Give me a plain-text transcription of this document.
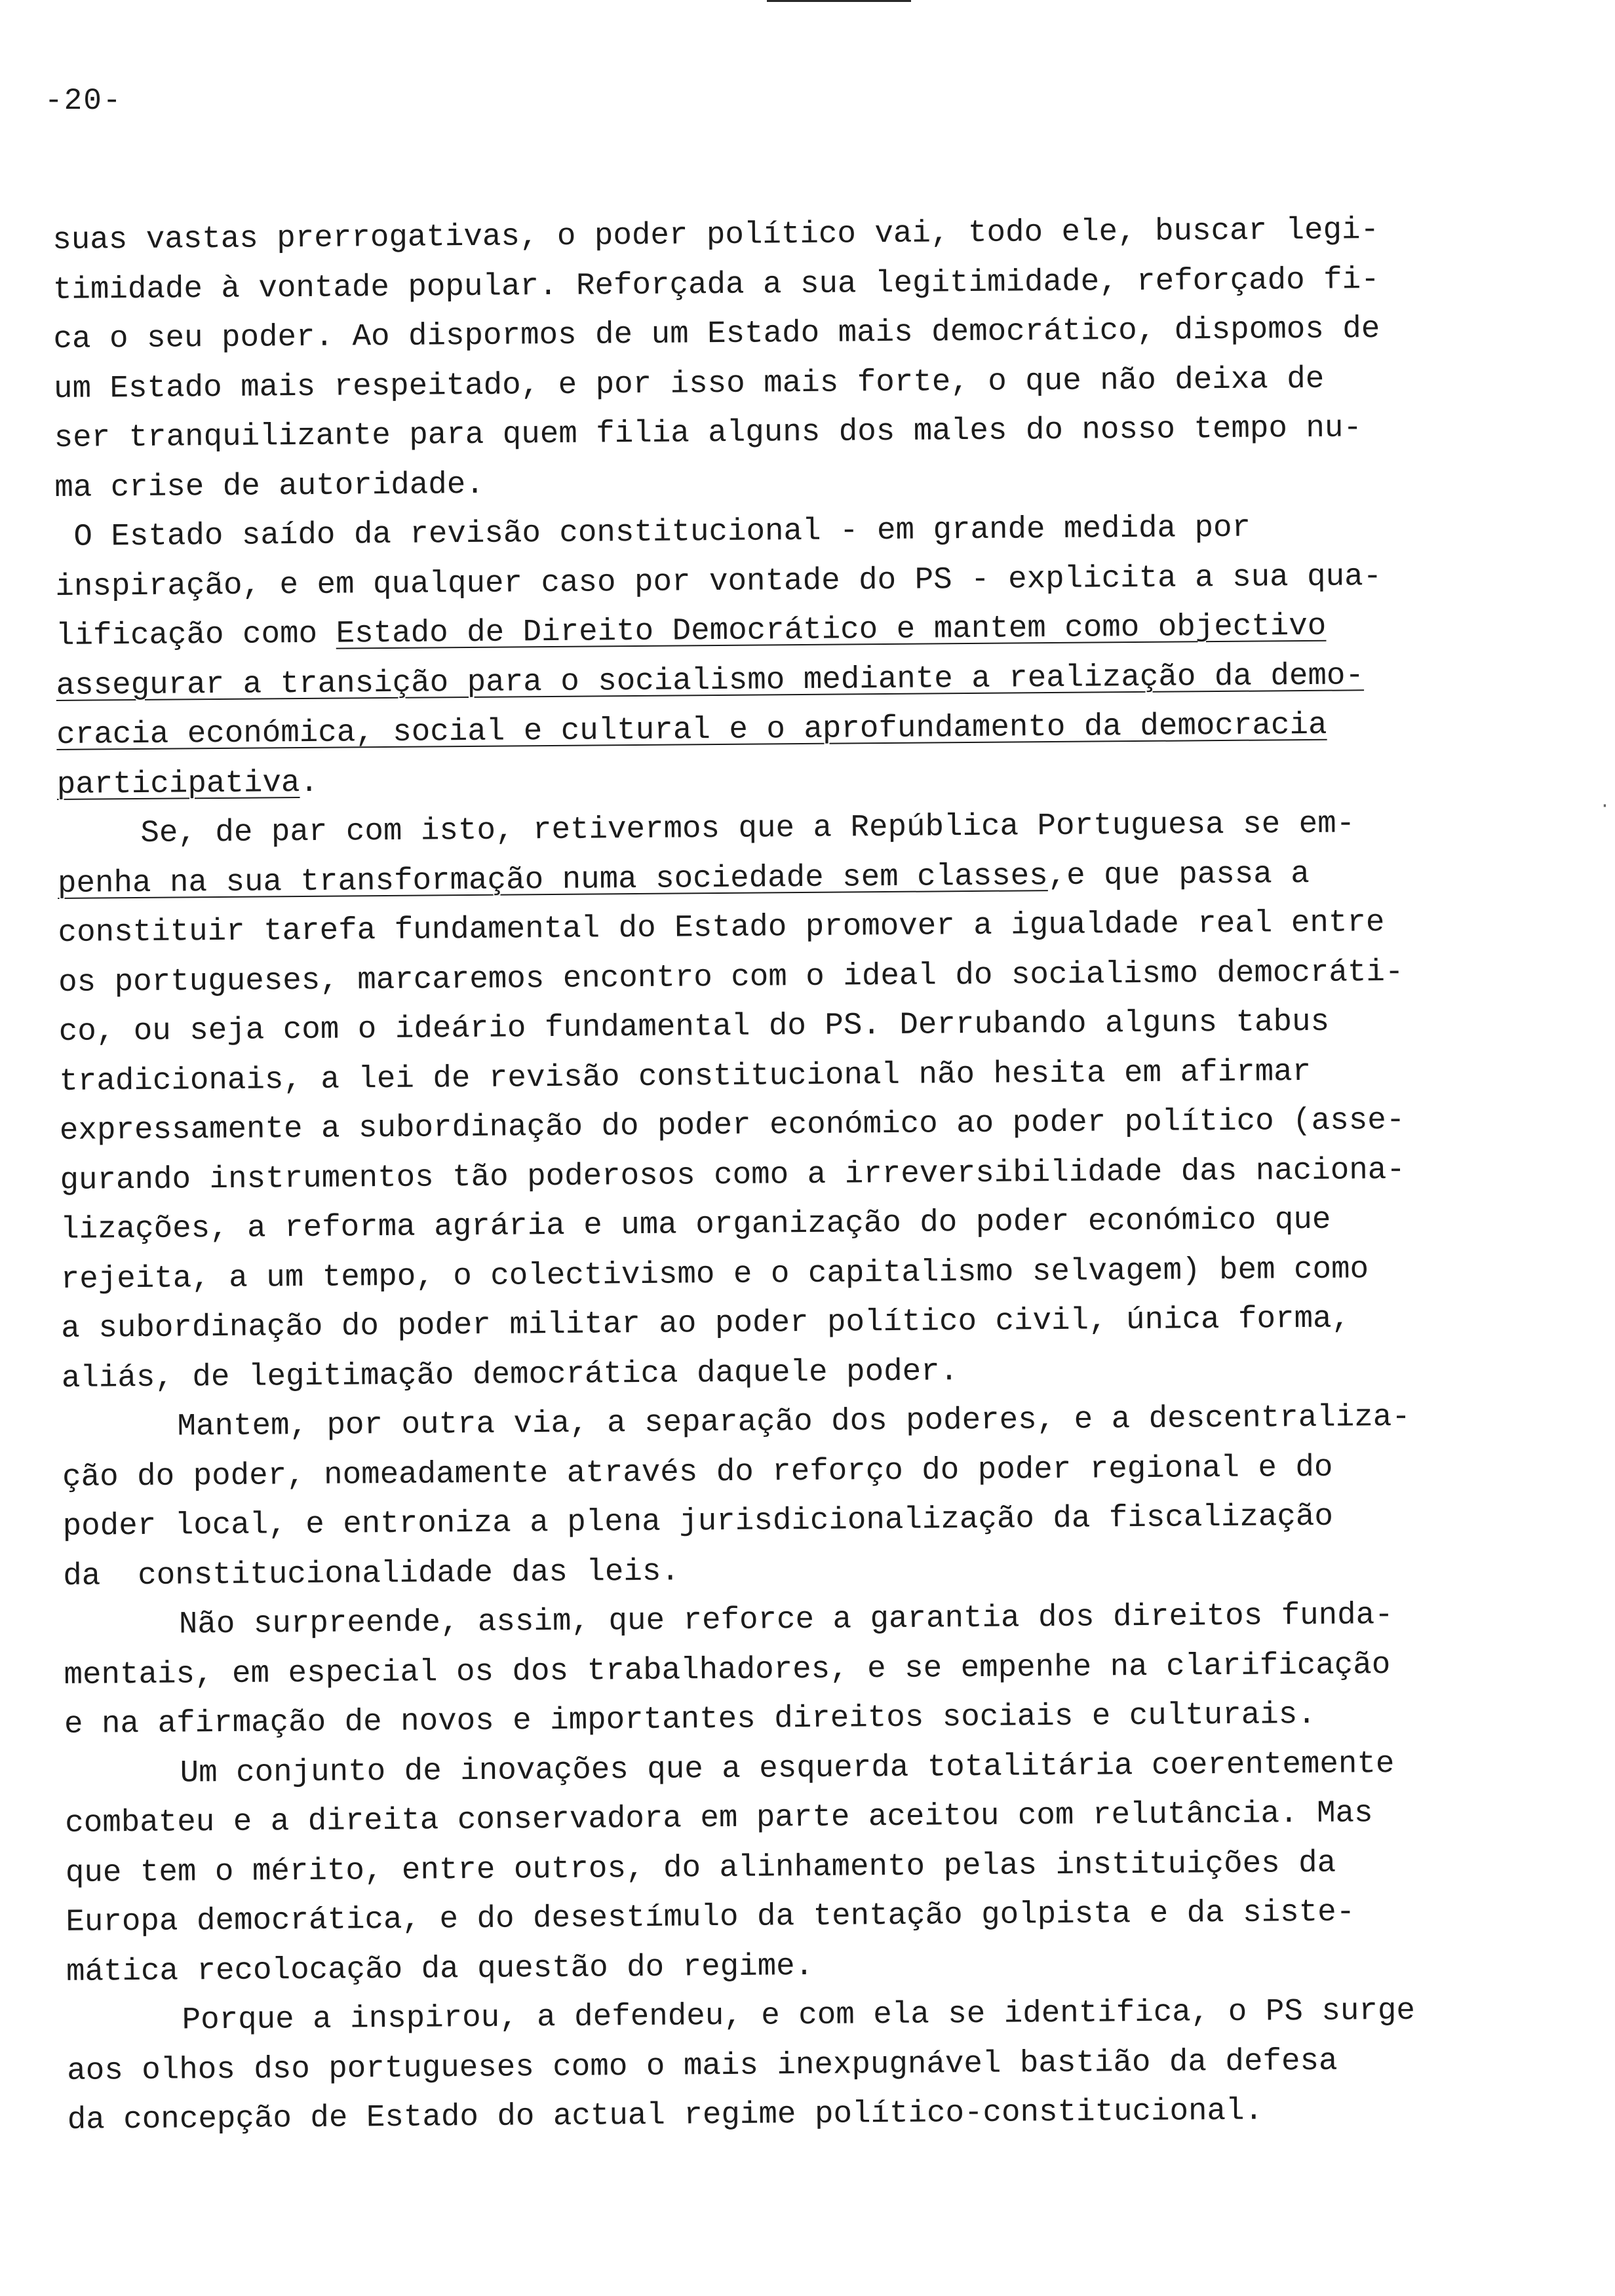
-20-

suas vastas prerrogativas, o poder político vai, todo ele, buscar legi-
timidade à vontade popular. Reforçada a sua legitimidade, reforçado fi-
ca o seu poder. Ao dispormos de um Estado mais democrático, dispomos de
um Estado mais respeitado, e por isso mais forte, o que não deixa de
ser tranquilizante para quem filia alguns dos males do nosso tempo nu-
ma crise de autoridade.
O Estado saído da revisão constitucional - em grande medida por
inspiração, e em qualquer caso por vontade do PS - explicita a sua qua-
lificação como Estado de Direito Democrático e mantem como objectivo
assegurar a transição para o socialismo mediante a realização da demo-
cracia económica, social e cultural e o aprofundamento da democracia
participativa.
Se, de par com isto, retivermos que a República Portuguesa se em-
penha na sua transformação numa sociedade sem classes,e que passa a
constituir tarefa fundamental do Estado promover a igualdade real entre
os portugueses, marcaremos encontro com o ideal do socialismo democráti-
co, ou seja com o ideário fundamental do PS. Derrubando alguns tabus
tradicionais, a lei de revisão constitucional não hesita em afirmar
expressamente a subordinação do poder económico ao poder político (asse-
gurando instrumentos tão poderosos como a irreversibilidade das naciona-
lizações, a reforma agrária e uma organização do poder económico que
rejeita, a um tempo, o colectivismo e o capitalismo selvagem) bem como
a subordinação do poder militar ao poder político civil, única forma,
aliás, de legitimação democrática daquele poder.
Mantem, por outra via, a separação dos poderes, e a descentraliza-
ção do poder, nomeadamente através do reforço do poder regional e do
poder local, e entroniza a plena jurisdicionalização da fiscalização
da  constitucionalidade das leis.
Não surpreende, assim, que reforce a garantia dos direitos funda-
mentais, em especial os dos trabalhadores, e se empenhe na clarificação
e na afirmação de novos e importantes direitos sociais e culturais.
Um conjunto de inovações que a esquerda totalitária coerentemente
combateu e a direita conservadora em parte aceitou com relutância. Mas
que tem o mérito, entre outros, do alinhamento pelas instituições da
Europa democrática, e do desestímulo da tentação golpista e da siste-
mática recolocação da questão do regime.
Porque a inspirou, a defendeu, e com ela se identifica, o PS surge
aos olhos dso portugueses como o mais inexpugnável bastião da defesa
da concepção de Estado do actual regime político-constitucional.
·
